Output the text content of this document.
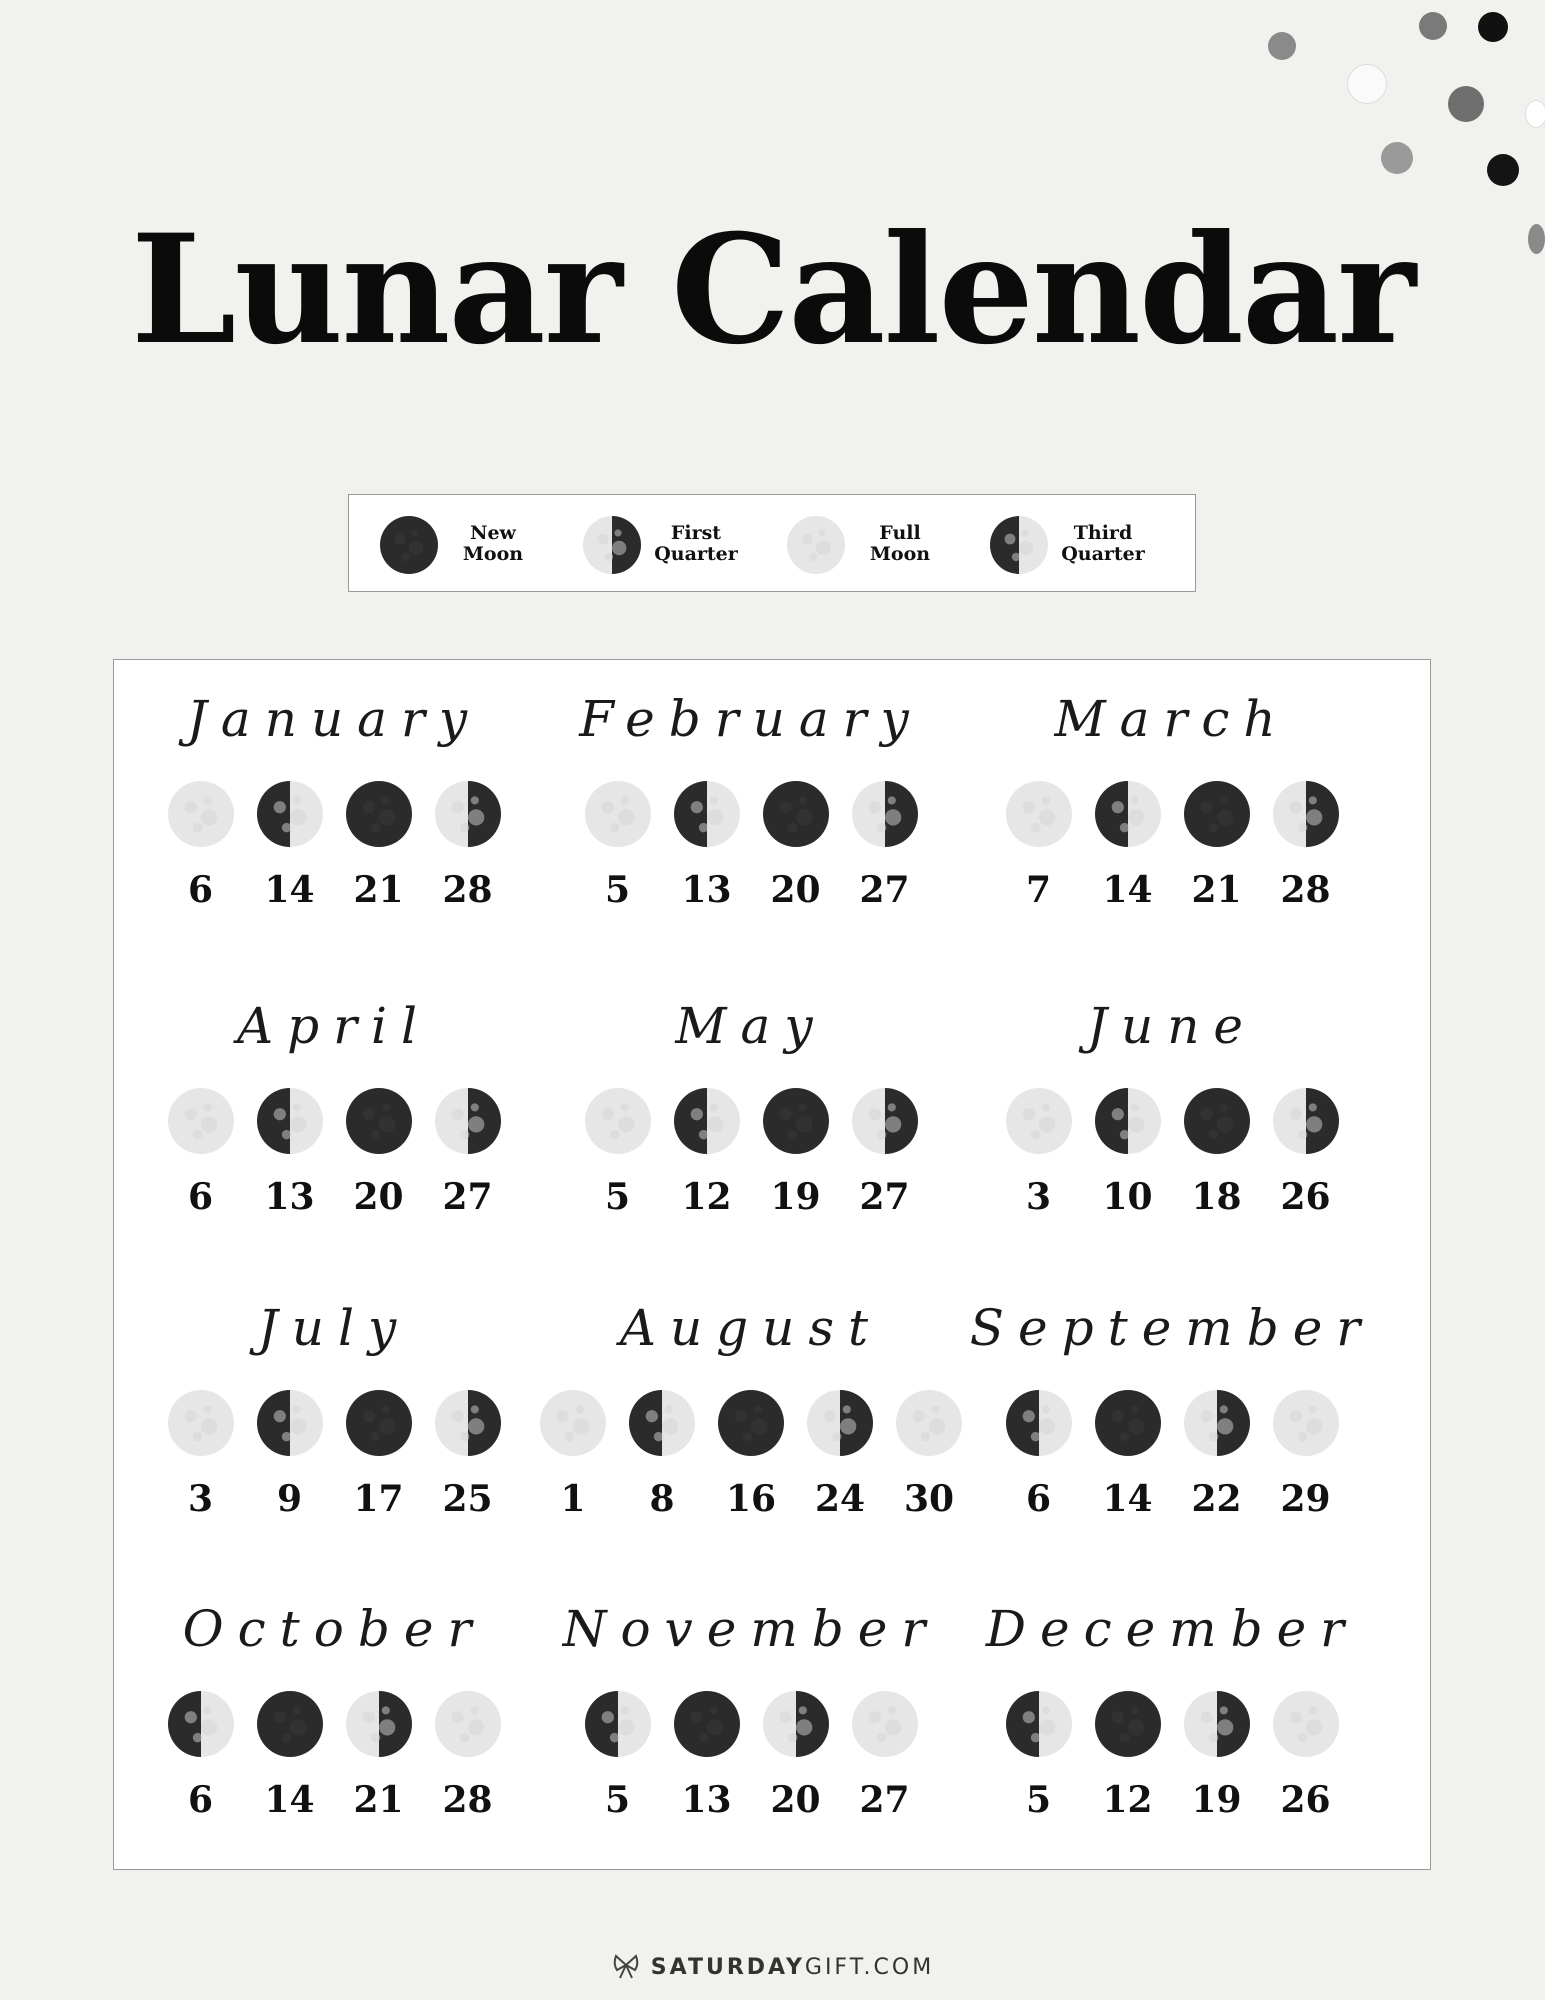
Lunar Calendar
New
Moon
First
Quarter
Full
Moon
Third
Quarter
January
6 14 21 28
February
5 13 20 27
March
7 14 21 28
April
6 13 20 27
May
5 12 19 27
June
3 10 18 26
July
3 9 17 25
August
1 8 16 24 30
September
6 14 22 29
October
6 14 21 28
November
5 13 20 27
December
5 12 19 26
SATURDAYGIFT.COM
